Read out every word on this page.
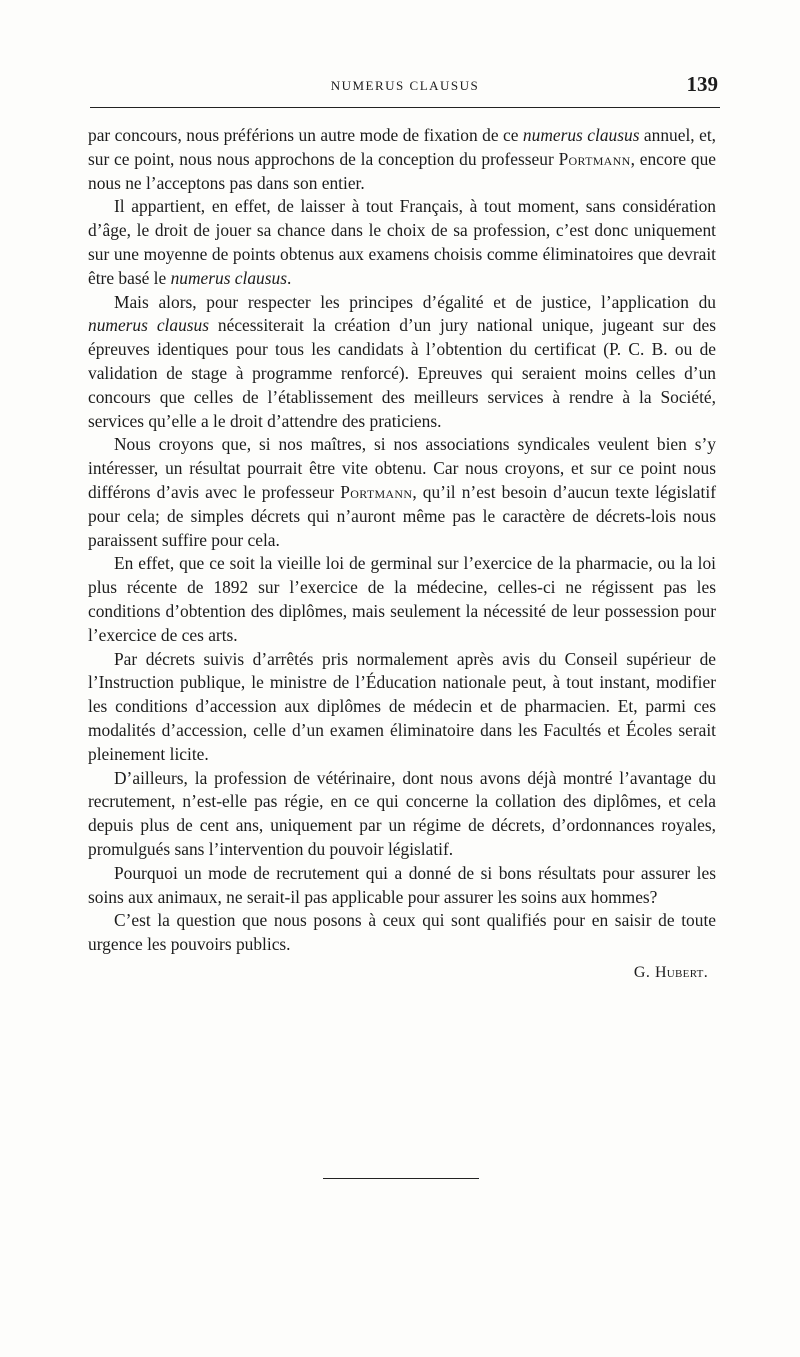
NUMERUS CLAUSUS	139

par concours, nous préférions un autre mode de fixation de ce numerus clausus annuel, et, sur ce point, nous nous approchons de la conception du professeur Portmann, encore que nous ne l’acceptons pas dans son entier.

Il appartient, en effet, de laisser à tout Français, à tout moment, sans considération d’âge, le droit de jouer sa chance dans le choix de sa profession, c’est donc uniquement sur une moyenne de points obtenus aux examens choisis comme éliminatoires que devrait être basé le numerus clausus.

Mais alors, pour respecter les principes d’égalité et de justice, l’application du numerus clausus nécessiterait la création d’un jury national unique, jugeant sur des épreuves identiques pour tous les candidats à l’obtention du certificat (P. C. B. ou de validation de stage à programme renforcé). Epreuves qui seraient moins celles d’un concours que celles de l’établissement des meilleurs services à rendre à la Société, services qu’elle a le droit d’attendre des praticiens.

Nous croyons que, si nos maîtres, si nos associations syndicales veulent bien s’y intéresser, un résultat pourrait être vite obtenu. Car nous croyons, et sur ce point nous différons d’avis avec le professeur Portmann, qu’il n’est besoin d’aucun texte législatif pour cela; de simples décrets qui n’auront même pas le caractère de décrets-lois nous paraissent suffire pour cela.

En effet, que ce soit la vieille loi de germinal sur l’exercice de la pharmacie, ou la loi plus récente de 1892 sur l’exercice de la médecine, celles-ci ne régissent pas les conditions d’obtention des diplômes, mais seulement la nécessité de leur possession pour l’exercice de ces arts.

Par décrets suivis d’arrêtés pris normalement après avis du Conseil supérieur de l’Instruction publique, le ministre de l’Éducation nationale peut, à tout instant, modifier les conditions d’accession aux diplômes de médecin et de pharmacien. Et, parmi ces modalités d’accession, celle d’un examen éliminatoire dans les Facultés et Écoles serait pleinement licite.

D’ailleurs, la profession de vétérinaire, dont nous avons déjà montré l’avantage du recrutement, n’est-elle pas régie, en ce qui concerne la collation des diplômes, et cela depuis plus de cent ans, uniquement par un régime de décrets, d’ordonnances royales, promulgués sans l’intervention du pouvoir législatif.

Pourquoi un mode de recrutement qui a donné de si bons résultats pour assurer les soins aux animaux, ne serait-il pas applicable pour assurer les soins aux hommes?

C’est la question que nous posons à ceux qui sont qualifiés pour en saisir de toute urgence les pouvoirs publics.

G. Hubert.
